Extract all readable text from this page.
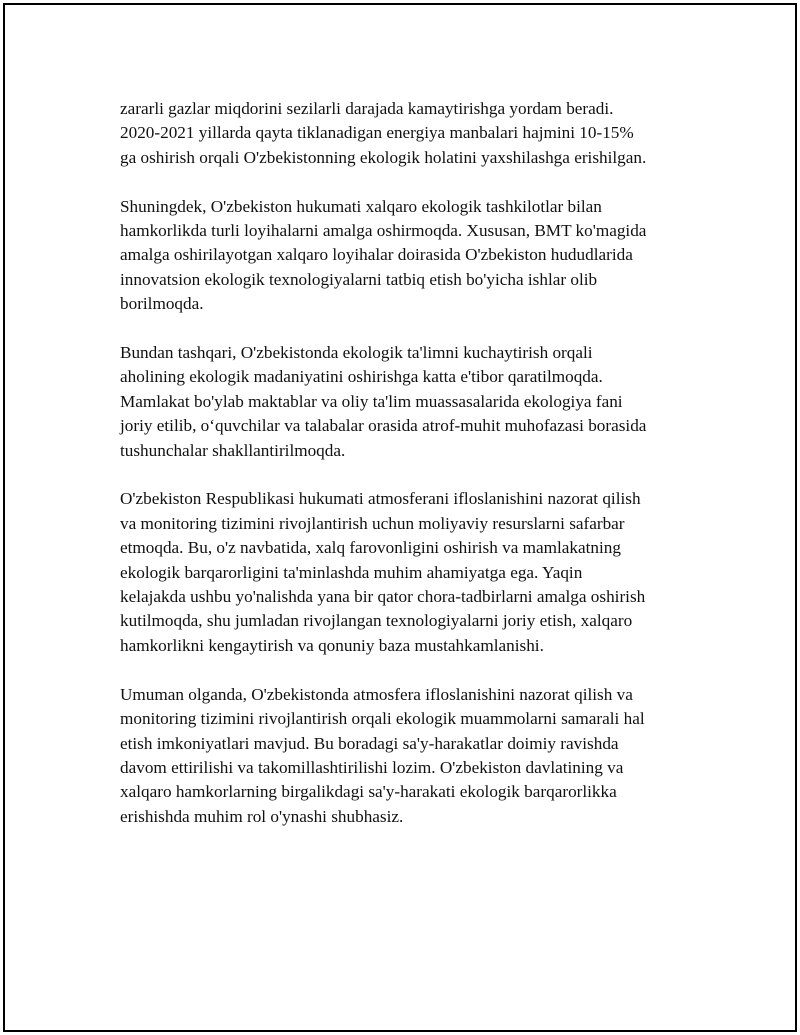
zararli gazlar miqdorini sezilarli darajada kamaytirishga yordam beradi.
2020-2021 yillarda qayta tiklanadigan energiya manbalari hajmini 10-15%
ga oshirish orqali O'zbekistonning ekologik holatini yaxshilashga erishilgan.

Shuningdek, O'zbekiston hukumati xalqaro ekologik tashkilotlar bilan
hamkorlikda turli loyihalarni amalga oshirmoqda. Xususan, BMT ko'magida
amalga oshirilayotgan xalqaro loyihalar doirasida O'zbekiston hududlarida
innovatsion ekologik texnologiyalarni tatbiq etish bo'yicha ishlar olib
borilmoqda.

Bundan tashqari, O'zbekistonda ekologik ta'limni kuchaytirish orqali
aholining ekologik madaniyatini oshirishga katta e'tibor qaratilmoqda.
Mamlakat bo'ylab maktablar va oliy ta'lim muassasalarida ekologiya fani
joriy etilib, o‘quvchilar va talabalar orasida atrof-muhit muhofazasi borasida
tushunchalar shakllantirilmoqda.

O'zbekiston Respublikasi hukumati atmosferani ifloslanishini nazorat qilish
va monitoring tizimini rivojlantirish uchun moliyaviy resurslarni safarbar
etmoqda. Bu, o'z navbatida, xalq farovonligini oshirish va mamlakatning
ekologik barqarorligini ta'minlashda muhim ahamiyatga ega. Yaqin
kelajakda ushbu yo'nalishda yana bir qator chora-tadbirlarni amalga oshirish
kutilmoqda, shu jumladan rivojlangan texnologiyalarni joriy etish, xalqaro
hamkorlikni kengaytirish va qonuniy baza mustahkamlanishi.

Umuman olganda, O'zbekistonda atmosfera ifloslanishini nazorat qilish va
monitoring tizimini rivojlantirish orqali ekologik muammolarni samarali hal
etish imkoniyatlari mavjud. Bu boradagi sa'y-harakatlar doimiy ravishda
davom ettirilishi va takomillashtirilishi lozim. O'zbekiston davlatining va
xalqaro hamkorlarning birgalikdagi sa'y-harakati ekologik barqarorlikka
erishishda muhim rol o'ynashi shubhasiz.
